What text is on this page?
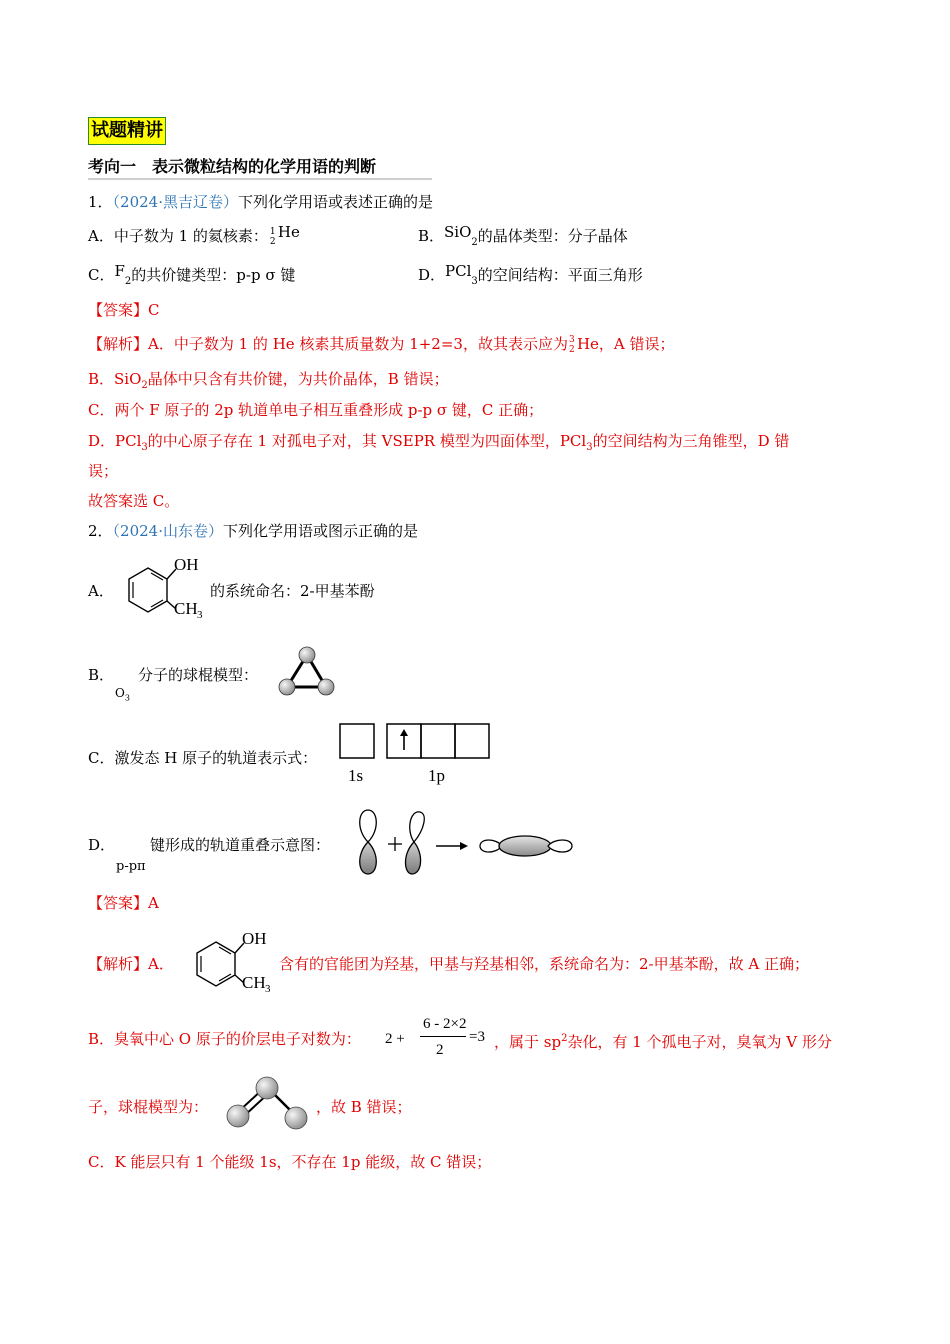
试题精讲
考向一　表示微粒结构的化学用语的判断
1．（2024·黑吉辽卷）下列化学用语或表述正确的是
A．中子数为 1 的氦核素： 1
2
He	B．SiO$_2$的晶体类型：分子晶体
C．$F_2$的共价键类型：p-p σ 键	D．PCl$_3$的空间结构：平面三角形
【答案】C
【解析】A．中子数为 1 的 He 核素其质量数为 1+2=3，故其表示应为 3
2 He，A 错误；
B．SiO$_2$晶体中只含有共价键，为共价晶体，B 错误；
C．两个 F 原子的 2p 轨道单电子相互重叠形成 p-p σ 键，C 正确；
D．PCl$_3$的中心原子存在 1 对孤电子对，其 VSEPR 模型为四面体型，PCl$_3$的空间结构为三角锥型，D 错
误；
故答案选 C。
2．（2024·山东卷）下列化学用语或图示正确的是
A．
OH
CH 3
的系统命名：2-甲基苯酚
B．
$O_3$
分子的球棍模型：
C．激发态 H 原子的轨道表示式：
1s	1p
D．
p-pπ
键形成的轨道重叠示意图：
【答案】A
【解析】A．
OH
CH 3
含有的官能团为羟基，甲基与羟基相邻，系统命名为：2-甲基苯酚，故 A 正确；
B．臭氧中心 O 原子的价层电子对数为： 2 +
6 - 2×2
2
=3 ，属于 $sp^2$杂化，有 1 个孤电子对，臭氧为 V 形分
子，球棍模型为：	，故 B 错误；
C．K 能层只有 1 个能级 1s，不存在 1p 能级，故 C 错误；
